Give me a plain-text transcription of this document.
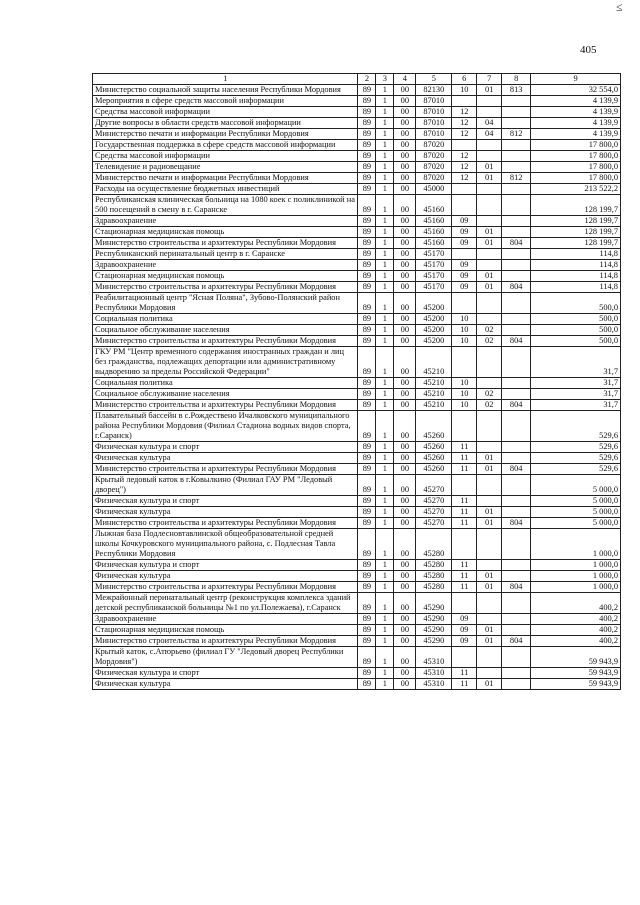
≤
405
1	2	3	4	5	6	7	8	9
Министерство социальной защиты населения Республики Мордовия	89	1	00	82130	10	01	813	32 554,0
Мероприятия в сфере средств массовой информации	89	1	00	87010				4 139,9
Средства массовой информации	89	1	00	87010	12			4 139,9
Другие вопросы в области средств массовой информации	89	1	00	87010	12	04		4 139,9
Министерство печати и информации Республики Мордовия	89	1	00	87010	12	04	812	4 139,9
Государственная поддержка в сфере средств массовой информации	89	1	00	87020				17 800,0
Средства массовой информации	89	1	00	87020	12			17 800,0
Телевидение и радиовещание	89	1	00	87020	12	01		17 800,0
Министерство печати и информации Республики Мордовия	89	1	00	87020	12	01	812	17 800,0
Расходы на осуществление бюджетных инвестиций	89	1	00	45000				213 522,2
Республиканская клиническая больница на 1080 коек с поликлиникой на 500 посещений в смену в г. Саранске	89	1	00	45160				128 199,7
Здравоохранение	89	1	00	45160	09			128 199,7
Стационарная медицинская помощь	89	1	00	45160	09	01		128 199,7
Министерство строительства и архитектуры Республики Мордовия	89	1	00	45160	09	01	804	128 199,7
Республиканский перинатальный центр в г. Саранске	89	1	00	45170				114,8
Здравоохранение	89	1	00	45170	09			114,8
Стационарная медицинская помощь	89	1	00	45170	09	01		114,8
Министерство строительства и архитектуры Республики Мордовия	89	1	00	45170	09	01	804	114,8
Реабилитационный центр "Ясная Поляна", Зубово-Полянский район Республики Мордовия	89	1	00	45200				500,0
Социальная политика	89	1	00	45200	10			500,0
Социальное обслуживание населения	89	1	00	45200	10	02		500,0
Министерство строительства и архитектуры Республики Мордовия	89	1	00	45200	10	02	804	500,0
ГКУ РМ "Центр временного содержания иностранных граждан и лиц без гражданства, подлежащих депортации или административному выдворению за пределы Российской Федерации"	89	1	00	45210				31,7
Социальная политика	89	1	00	45210	10			31,7
Социальное обслуживание населения	89	1	00	45210	10	02		31,7
Министерство строительства и архитектуры Республики Мордовия	89	1	00	45210	10	02	804	31,7
Плавательный бассейн в с.Рождествено Ичалковского муниципального района Республики Мордовия (Филиал Стадиона водных видов спорта, г.Саранск)	89	1	00	45260				529,6
Физическая культура и спорт	89	1	00	45260	11			529,6
Физическая культура	89	1	00	45260	11	01		529,6
Министерство строительства и архитектуры Республики Мордовия	89	1	00	45260	11	01	804	529,6
Крытый ледовый каток в г.Ковылкино (Филиал ГАУ РМ "Ледовый дворец")	89	1	00	45270				5 000,0
Физическая культура и спорт	89	1	00	45270	11			5 000,0
Физическая культура	89	1	00	45270	11	01		5 000,0
Министерство строительства и архитектуры Республики Мордовия	89	1	00	45270	11	01	804	5 000,0
Лыжная база Подлесновтавлинской общеобразовательной средней школы Кочкуровского муниципального района, с. Подлесная Тавла Республики Мордовия	89	1	00	45280				1 000,0
Физическая культура и спорт	89	1	00	45280	11			1 000,0
Физическая культура	89	1	00	45280	11	01		1 000,0
Министерство строительства и архитектуры Республики Мордовия	89	1	00	45280	11	01	804	1 000,0
Межрайонный перинатальный центр (реконструкция комплекса зданий детской республиканской больницы №1 по ул.Полежаева), г.Саранск	89	1	00	45290				400,2
Здравоохранение	89	1	00	45290	09			400,2
Стационарная медицинская помощь	89	1	00	45290	09	01		400,2
Министерство строительства и архитектуры Республики Мордовия	89	1	00	45290	09	01	804	400,2
Крытый каток, с.Атюрьево (филиал ГУ "Ледовый дворец Республики Мордовия")	89	1	00	45310				59 943,9
Физическая культура и спорт	89	1	00	45310	11			59 943,9
Физическая культура	89	1	00	45310	11	01		59 943,9
